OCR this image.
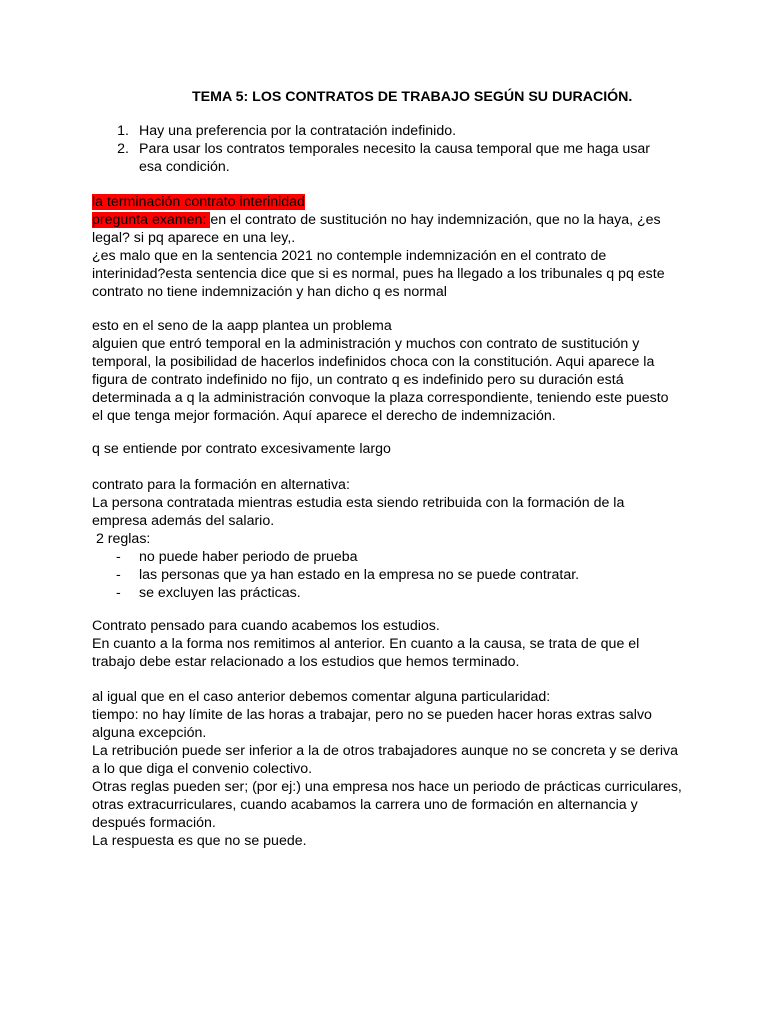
TEMA 5: LOS CONTRATOS DE TRABAJO SEGÚN SU DURACIÓN.
1. Hay una preferencia por la contratación indefinido.
2. Para usar los contratos temporales necesito la causa temporal que me haga usar esa condición.

la terminación contrato interinidad

pregunta examen: en el contrato de sustitución no hay indemnización, que no la haya, ¿es legal? si pq aparece en una ley,.

¿es malo que en la sentencia 2021 no contemple indemnización en el contrato de interinidad?esta sentencia dice que si es normal, pues ha llegado a los tribunales q pq este contrato no tiene indemnización y han dicho q es normal

esto en el seno de la aapp plantea un problema

alguien que entró temporal en la administración y muchos con contrato de sustitución y temporal, la posibilidad de hacerlos indefinidos choca con la constitución. Aqui aparece la figura de contrato indefinido no fijo, un contrato q es indefinido pero su duración está determinada a q la administración convoque la plaza correspondiente, teniendo este puesto el que tenga mejor formación. Aquí aparece el derecho de indemnización.

q se entiende por contrato excesivamente largo

contrato para la formación en alternativa:

La persona contratada mientras estudia esta siendo retribuida con la formación de la empresa además del salario.

2 reglas:

-	no puede haber periodo de prueba
-	las personas que ya han estado en la empresa no se puede contratar.
-	se excluyen las prácticas.

Contrato pensado para cuando acabemos los estudios.

En cuanto a la forma nos remitimos al anterior. En cuanto a la causa, se trata de que el trabajo debe estar relacionado a los estudios que hemos terminado.

al igual que en el caso anterior debemos comentar alguna particularidad:

tiempo: no hay límite de las horas a trabajar, pero no se pueden hacer horas extras salvo alguna excepción.

La retribución puede ser inferior a la de otros trabajadores aunque no se concreta y se deriva a lo que diga el convenio colectivo.

Otras reglas pueden ser; (por ej:) una empresa nos hace un periodo de prácticas curriculares, otras extracurriculares, cuando acabamos la carrera uno de formación en alternancia y después formación.

La respuesta es que no se puede.
